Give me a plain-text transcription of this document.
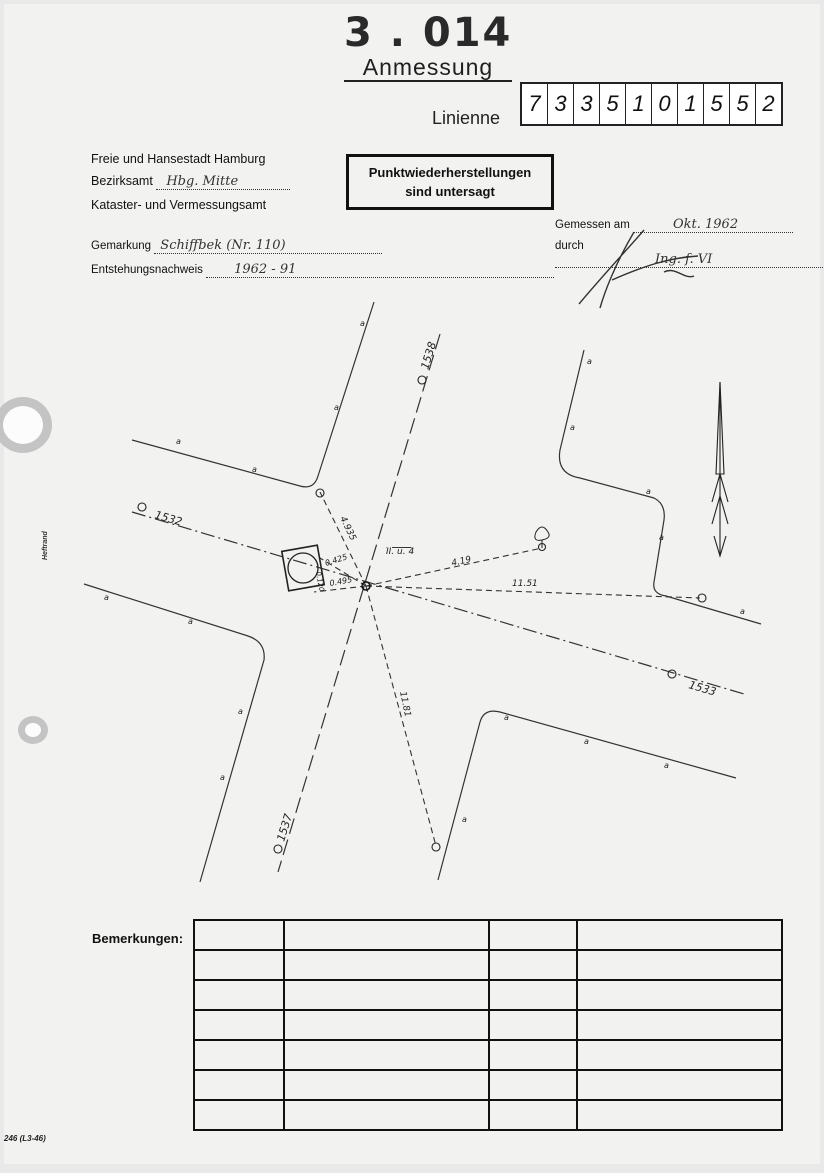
3 . 014
Anmessung
Linienne
7 3 3 5 1 0 1 5 5 2
Freie und Hansestadt Hamburg
Bezirksamt Hbg. Mitte
Kataster- und Vermessungsamt
Gemarkung Schiffbek (Nr. 110)
Entstehungsnachweis 1962 - 91
Punktwiederherstellungen
sind untersagt
Gemessen am	Okt. 1962
durch Ing. f. VI
a
a
a
a
a
a
a
a
a
a
a
a
a
a
a
a
a
1532
1533
1538
1537
4.935
0.425
0.495
0.120
4.19
11.51
11.81
II. u. 4
Bemerkungen:

Heftrand
246 (L3-46)
